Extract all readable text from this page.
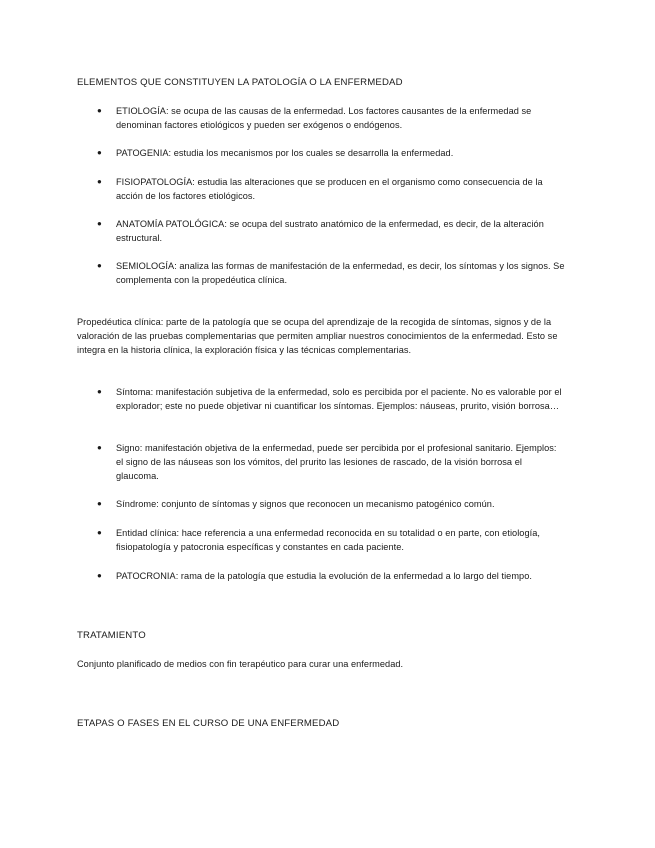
ELEMENTOS QUE CONSTITUYEN LA PATOLOGÍA O LA ENFERMEDAD
● ETIOLOGÍA: se ocupa de las causas de la enfermedad. Los factores causantes de la enfermedad se denominan factores etiológicos y pueden ser exógenos o endógenos.
● PATOGENIA: estudia los mecanismos por los cuales se desarrolla la enfermedad.
● FISIOPATOLOGÍA: estudia las alteraciones que se producen en el organismo como consecuencia de la acción de los factores etiológicos.
● ANATOMÍA PATOLÓGICA: se ocupa del sustrato anatómico de la enfermedad, es decir, de la alteración estructural.
● SEMIOLOGÍA: analiza las formas de manifestación de la enfermedad, es decir, los síntomas y los signos. Se complementa con la propedéutica clínica.
Propedéutica clínica: parte de la patología que se ocupa del aprendizaje de la recogida de síntomas, signos y de la valoración de las pruebas complementarias que permiten ampliar nuestros conocimientos de la enfermedad. Esto se integra en la historia clínica, la exploración física y las técnicas complementarias.
● Síntoma: manifestación subjetiva de la enfermedad, solo es percibida por el paciente. No es valorable por el explorador; este no puede objetivar ni cuantificar los síntomas. Ejemplos: náuseas, prurito, visión borrosa…
● Signo: manifestación objetiva de la enfermedad, puede ser percibida por el profesional sanitario. Ejemplos: el signo de las náuseas son los vómitos, del prurito las lesiones de rascado, de la visión borrosa el glaucoma.
● Síndrome: conjunto de síntomas y signos que reconocen un mecanismo patogénico común.
● Entidad clínica: hace referencia a una enfermedad reconocida en su totalidad o en parte, con etiología, fisiopatología y patocronia específicas y constantes en cada paciente.
● PATOCRONIA: rama de la patología que estudia la evolución de la enfermedad a lo largo del tiempo.
TRATAMIENTO
Conjunto planificado de medios con fin terapéutico para curar una enfermedad.
ETAPAS O FASES EN EL CURSO DE UNA ENFERMEDAD
